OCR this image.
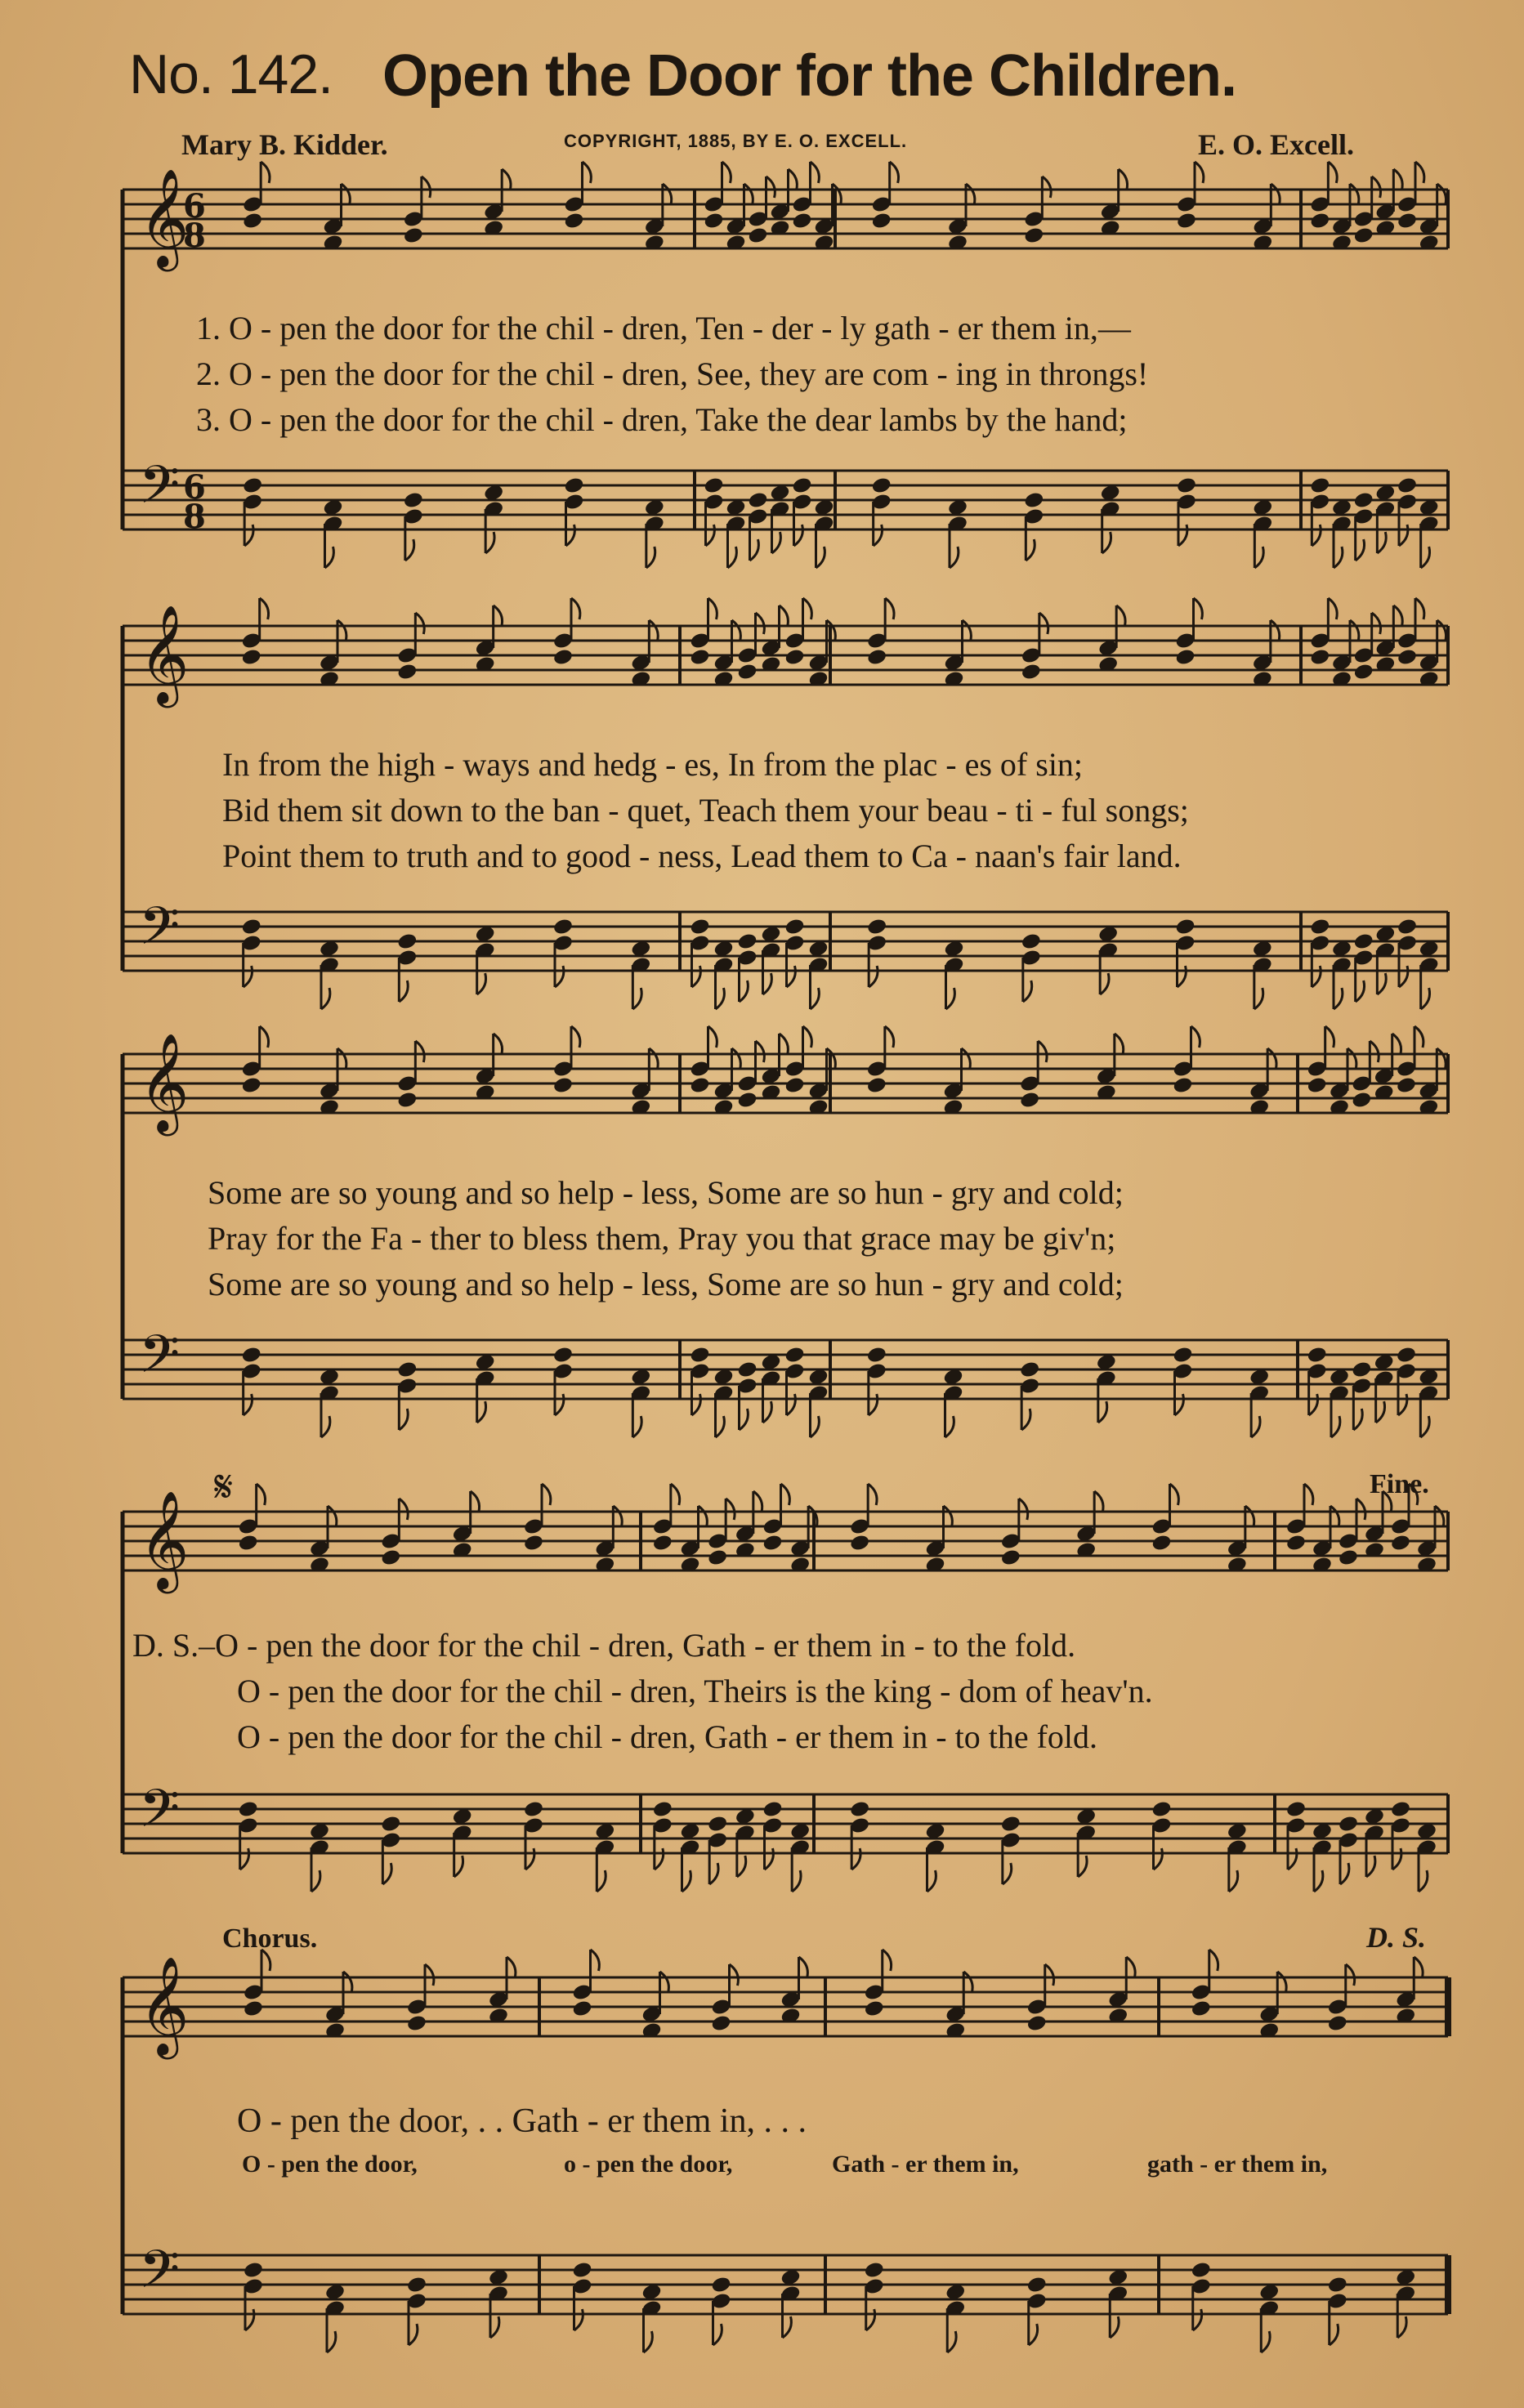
No. 142. Open the Door for the Children.
Mary B. Kidder.	COPYRIGHT, 1885, BY E. O. EXCELL.	E. O. Excell.
𝄞
𝄢
6
8
6
8
𝄞
𝄢
𝄞
𝄢
𝄞
𝄢
𝄞
𝄢
𝄋
1. O - pen the door for the chil - dren, Ten - der - ly gath - er them in,—
2. O - pen the door for the chil - dren, See, they are com - ing in throngs!
3. O - pen the door for the chil - dren, Take the dear lambs by the hand;
In from the high - ways and hedg - es, In from the plac - es of sin;
Bid them sit down to the ban - quet, Teach them your beau - ti - ful songs;
Point them to truth and to good - ness, Lead them to Ca - naan's fair land.
Some are so young and so help - less, Some are so hun - gry and cold;
Pray for the Fa - ther to bless them, Pray you that grace may be giv'n;
Some are so young and so help - less, Some are so hun - gry and cold;
Fine.
D. S.–O - pen the door for the chil - dren, Gath - er them in - to the fold.
O - pen the door for the chil - dren, Theirs is the king - dom of heav'n.
O - pen the door for the chil - dren, Gath - er them in - to the fold.
Chorus.	D. S.
O - pen the door, . . Gath - er them in, . . .
O - pen the door,	o - pen the door,	Gath - er them in,	gath - er them in,
